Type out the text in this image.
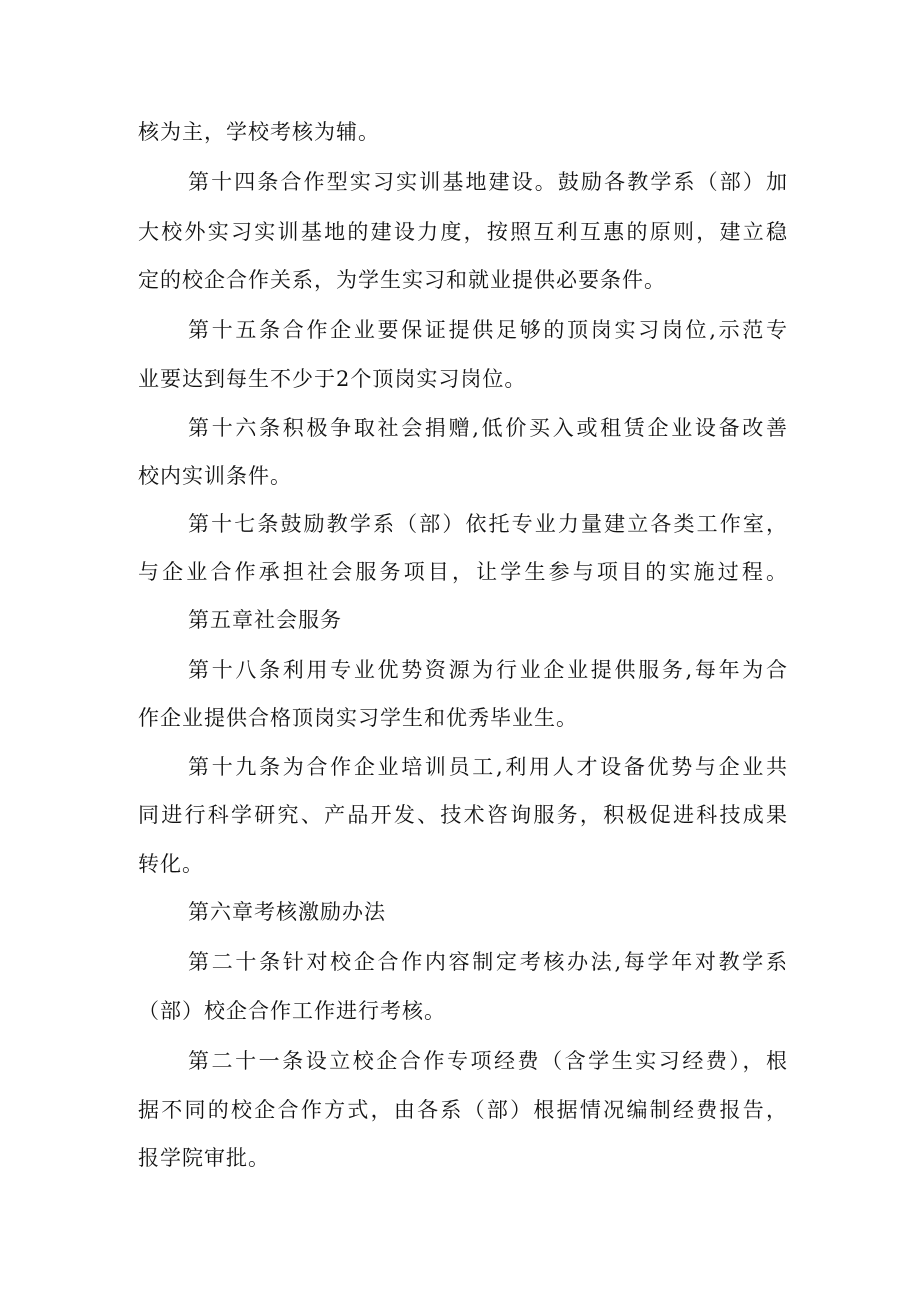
核为主，学校考核为辅。
第十四条合作型实习实训基地建设。鼓励各教学系（部）加
大校外实习实训基地的建设力度，按照互利互惠的原则，建立稳
定的校企合作关系，为学生实习和就业提供必要条件。
第十五条合作企业要保证提供足够的顶岗实习岗位,示范专
业要达到每生不少于2个顶岗实习岗位。
第十六条积极争取社会捐赠,低价买入或租赁企业设备改善
校内实训条件。
第十七条鼓励教学系（部）依托专业力量建立各类工作室，
与企业合作承担社会服务项目，让学生参与项目的实施过程。
第五章社会服务
第十八条利用专业优势资源为行业企业提供服务,每年为合
作企业提供合格顶岗实习学生和优秀毕业生。
第十九条为合作企业培训员工,利用人才设备优势与企业共
同进行科学研究、产品开发、技术咨询服务，积极促进科技成果
转化。
第六章考核激励办法
第二十条针对校企合作内容制定考核办法,每学年对教学系
（部）校企合作工作进行考核。
第二十一条设立校企合作专项经费（含学生实习经费），根
据不同的校企合作方式，由各系（部）根据情况编制经费报告，
报学院审批。
